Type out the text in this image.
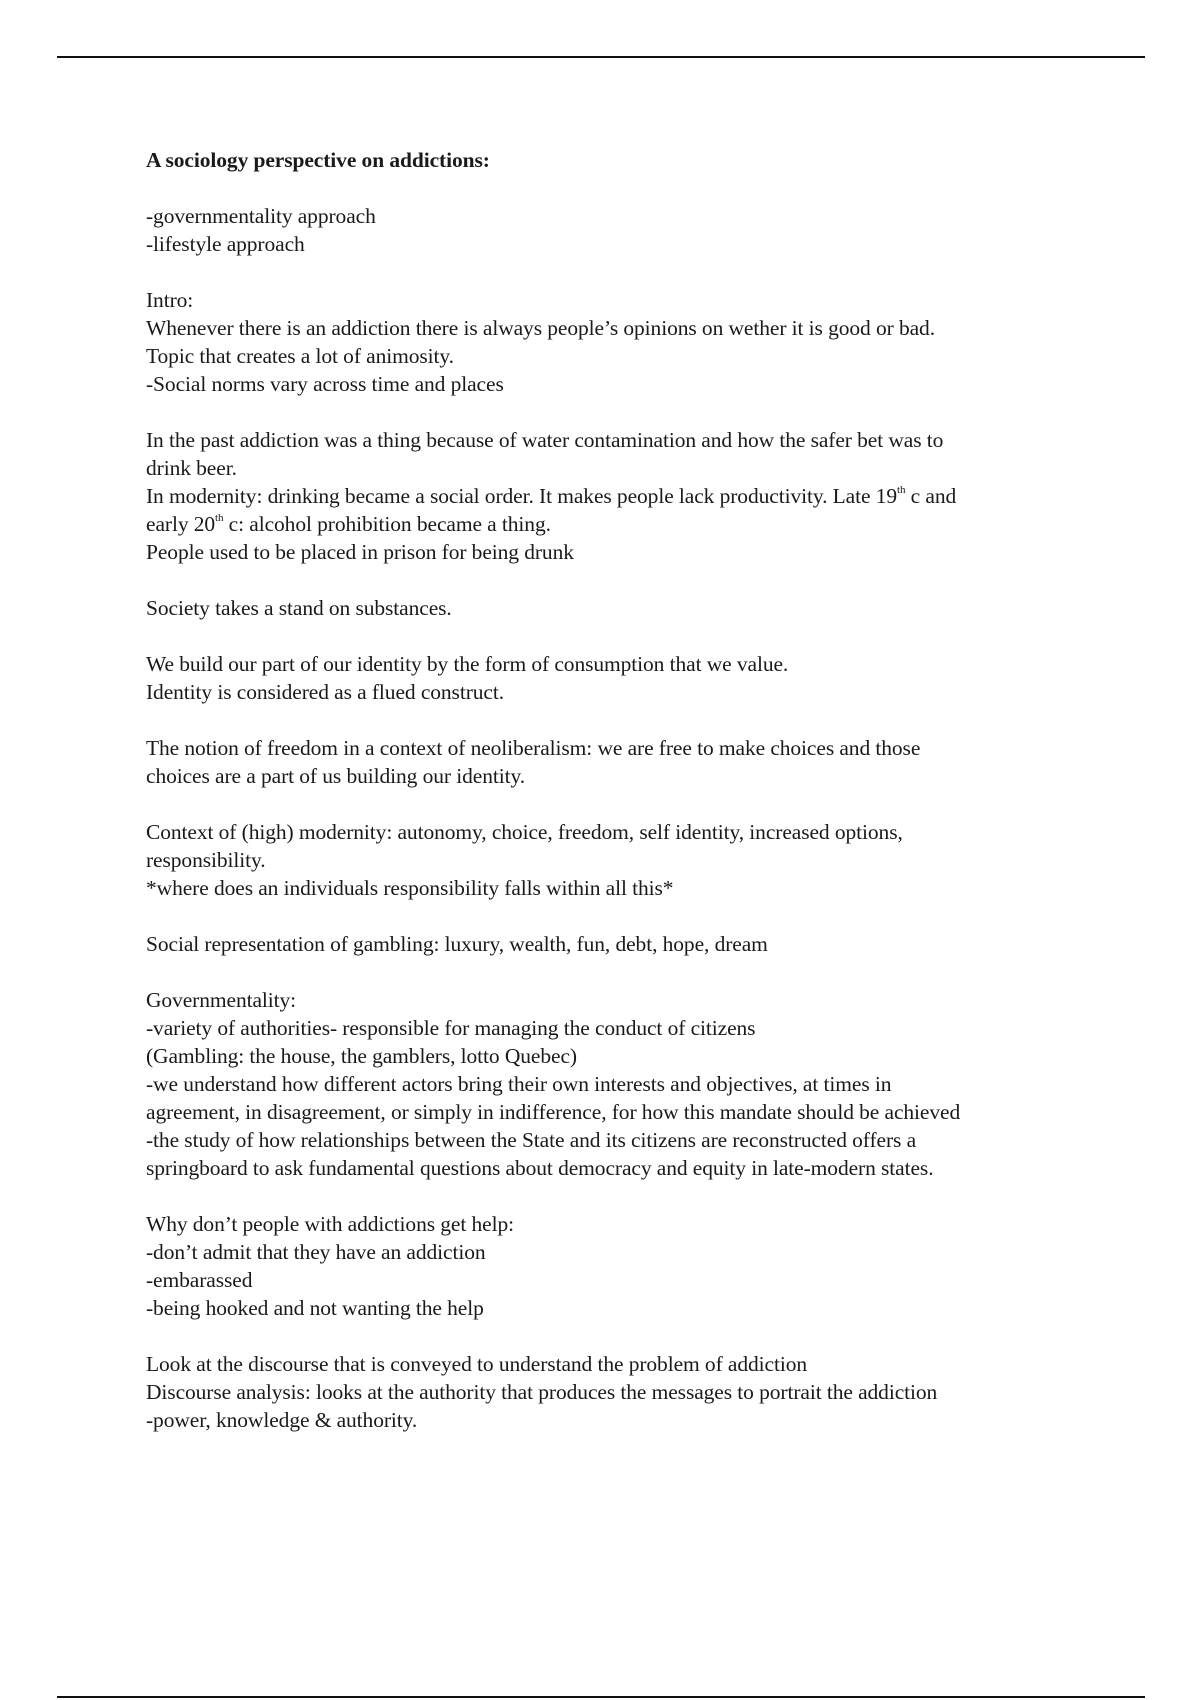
A sociology perspective on addictions:

-governmentality approach

-lifestyle approach

Intro:

Whenever there is an addiction there is always people’s opinions on wether it is good or bad.

Topic that creates a lot of animosity.

-Social norms vary across time and places

In the past addiction was a thing because of water contamination and how the safer bet was to

drink beer.

In modernity: drinking became a social order. It makes people lack productivity. Late 19th c and

early 20th c: alcohol prohibition became a thing.

People used to be placed in prison for being drunk

Society takes a stand on substances.

We build our part of our identity by the form of consumption that we value.

Identity is considered as a flued construct.

The notion of freedom in a context of neoliberalism: we are free to make choices and those

choices are a part of us building our identity.

Context of (high) modernity: autonomy, choice, freedom, self identity, increased options,

responsibility.

*where does an individuals responsibility falls within all this*

Social representation of gambling: luxury, wealth, fun, debt, hope, dream

Governmentality:

-variety of authorities- responsible for managing the conduct of citizens

(Gambling: the house, the gamblers, lotto Quebec)

-we understand how different actors bring their own interests and objectives, at times in

agreement, in disagreement, or simply in indifference, for how this mandate should be achieved

-the study of how relationships between the State and its citizens are reconstructed offers a

springboard to ask fundamental questions about democracy and equity in late-modern states.

Why don’t people with addictions get help:

-don’t admit that they have an addiction

-embarassed

-being hooked and not wanting the help

Look at the discourse that is conveyed to understand the problem of addiction

Discourse analysis: looks at the authority that produces the messages to portrait the addiction

-power, knowledge & authority.
